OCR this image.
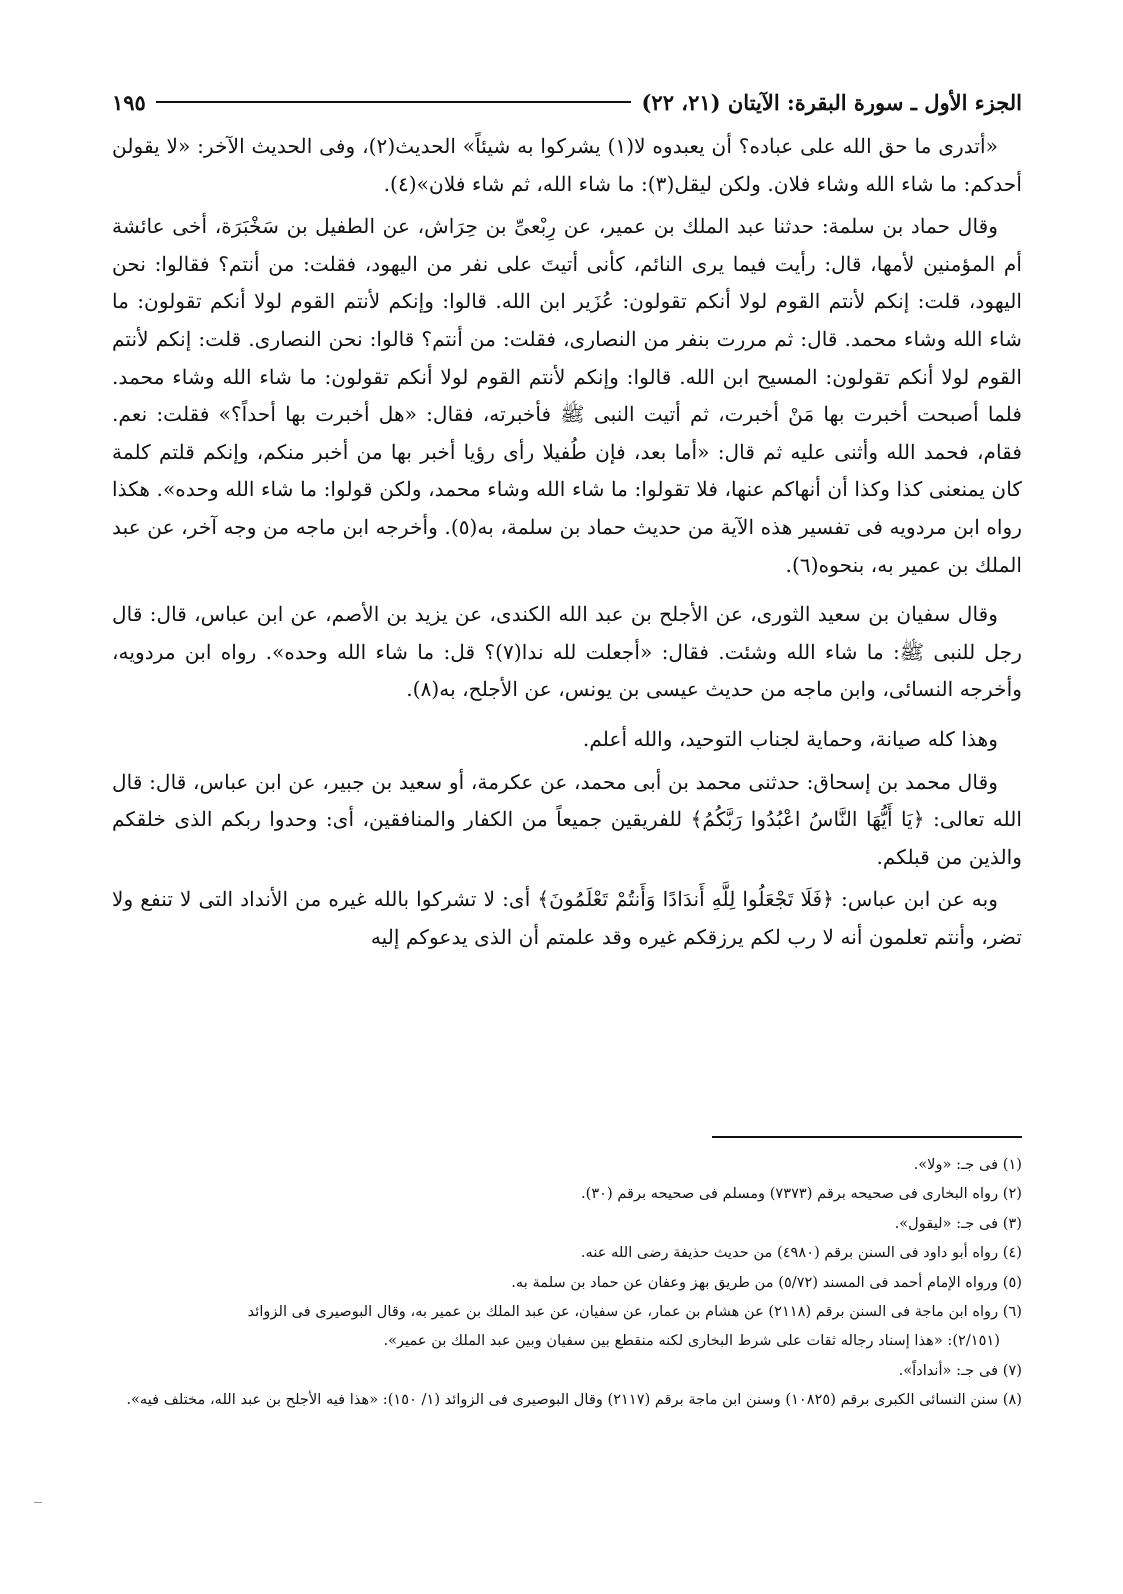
الجزء الأول ـ سورة البقرة: الآيتان (٢١، ٢٢)
١٩٥

«أتدرى ما حق الله على عباده؟ أن يعبدوه لا(١) يشركوا به شيئاً» الحديث(٢)، وفى الحديث الآخر: «لا يقولن أحدكم: ما شاء الله وشاء فلان. ولكن ليقل(٣): ما شاء الله، ثم شاء فلان»(٤).

وقال حماد بن سلمة: حدثنا عبد الملك بن عمير، عن رِبْعىِّ بن حِرَاش، عن الطفيل بن سَخْبَرَة، أخى عائشة أم المؤمنين لأمها، قال: رأيت فيما يرى النائم، كأنى أتيتَ على نفر من اليهود، فقلت: من أنتم؟ فقالوا: نحن اليهود، قلت: إنكم لأنتم القوم لولا أنكم تقولون: عُزَير ابن الله. قالوا: وإنكم لأنتم القوم لولا أنكم تقولون: ما شاء الله وشاء محمد. قال: ثم مررت بنفر من النصارى، فقلت: من أنتم؟ قالوا: نحن النصارى. قلت: إنكم لأنتم القوم لولا أنكم تقولون: المسيح ابن الله. قالوا: وإنكم لأنتم القوم لولا أنكم تقولون: ما شاء الله وشاء محمد. فلما أصبحت أخبرت بها مَنْ أخبرت، ثم أتيت النبى ﷺ فأخبرته، فقال: «هل أخبرت بها أحداً؟» فقلت: نعم. فقام، فحمد الله وأثنى عليه ثم قال: «أما بعد، فإن طُفيلا رأى رؤيا أخبر بها من أخبر منكم، وإنكم قلتم كلمة كان يمنعنى كذا وكذا أن أنهاكم عنها، فلا تقولوا: ما شاء الله وشاء محمد، ولكن قولوا: ما شاء الله وحده». هكذا رواه ابن مردويه فى تفسير هذه الآية من حديث حماد بن سلمة، به(٥). وأخرجه ابن ماجه من وجه آخر، عن عبد الملك بن عمير به، بنحوه(٦).

وقال سفيان بن سعيد الثورى، عن الأجلح بن عبد الله الكندى، عن يزيد بن الأصم، عن ابن عباس، قال: قال رجل للنبى ﷺ: ما شاء الله وشئت. فقال: «أجعلت لله ندا(٧)؟ قل: ما شاء الله وحده». رواه ابن مردويه، وأخرجه النسائى، وابن ماجه من حديث عيسى بن يونس، عن الأجلح، به(٨).

وهذا كله صيانة، وحماية لجناب التوحيد، والله أعلم.

وقال محمد بن إسحاق: حدثنى محمد بن أبى محمد، عن عكرمة، أو سعيد بن جبير، عن ابن عباس، قال: قال الله تعالى: ﴿يَا أَيُّهَا النَّاسُ اعْبُدُوا رَبَّكُمُ﴾ للفريقين جميعاً من الكفار والمنافقين، أى: وحدوا ربكم الذى خلقكم والذين من قبلكم.

وبه عن ابن عباس: ﴿فَلَا تَجْعَلُوا لِلَّهِ أَندَادًا وَأَنتُمْ تَعْلَمُونَ﴾ أى: لا تشركوا بالله غيره من الأنداد التى لا تنفع ولا تضر، وأنتم تعلمون أنه لا رب لكم يرزقكم غيره وقد علمتم أن الذى يدعوكم إليه

(١) فى جـ: «ولا».
(٢) رواه البخارى فى صحيحه برقم (٧٣٧٣) ومسلم فى صحيحه برقم (٣٠).
(٣) فى جـ: «ليقول».
(٤) رواه أبو داود فى السنن برقم (٤٩٨٠) من حديث حذيفة رضى الله عنه.
(٥) ورواه الإمام أحمد فى المسند (٥/٧٢) من طريق بهز وعفان عن حماد بن سلمة به.
(٦) رواه ابن ماجة فى السنن برقم (٢١١٨) عن هشام بن عمار، عن سفيان، عن عبد الملك بن عمير به، وقال البوصيرى فى الزوائد
(٢/١٥١): «هذا إسناد رجاله ثقات على شرط البخارى لكنه منقطع بين سفيان وبين عبد الملك بن عمير».
(٧) فى جـ: «أنداداً».
(٨) سنن النسائى الكبرى برقم (١٠٨٢٥) وسنن ابن ماجة برقم (٢١١٧) وقال البوصيرى فى الزوائد (١/ ١٥٠): «هذا فيه الأجلح بن عبد الله، مختلف فيه».
